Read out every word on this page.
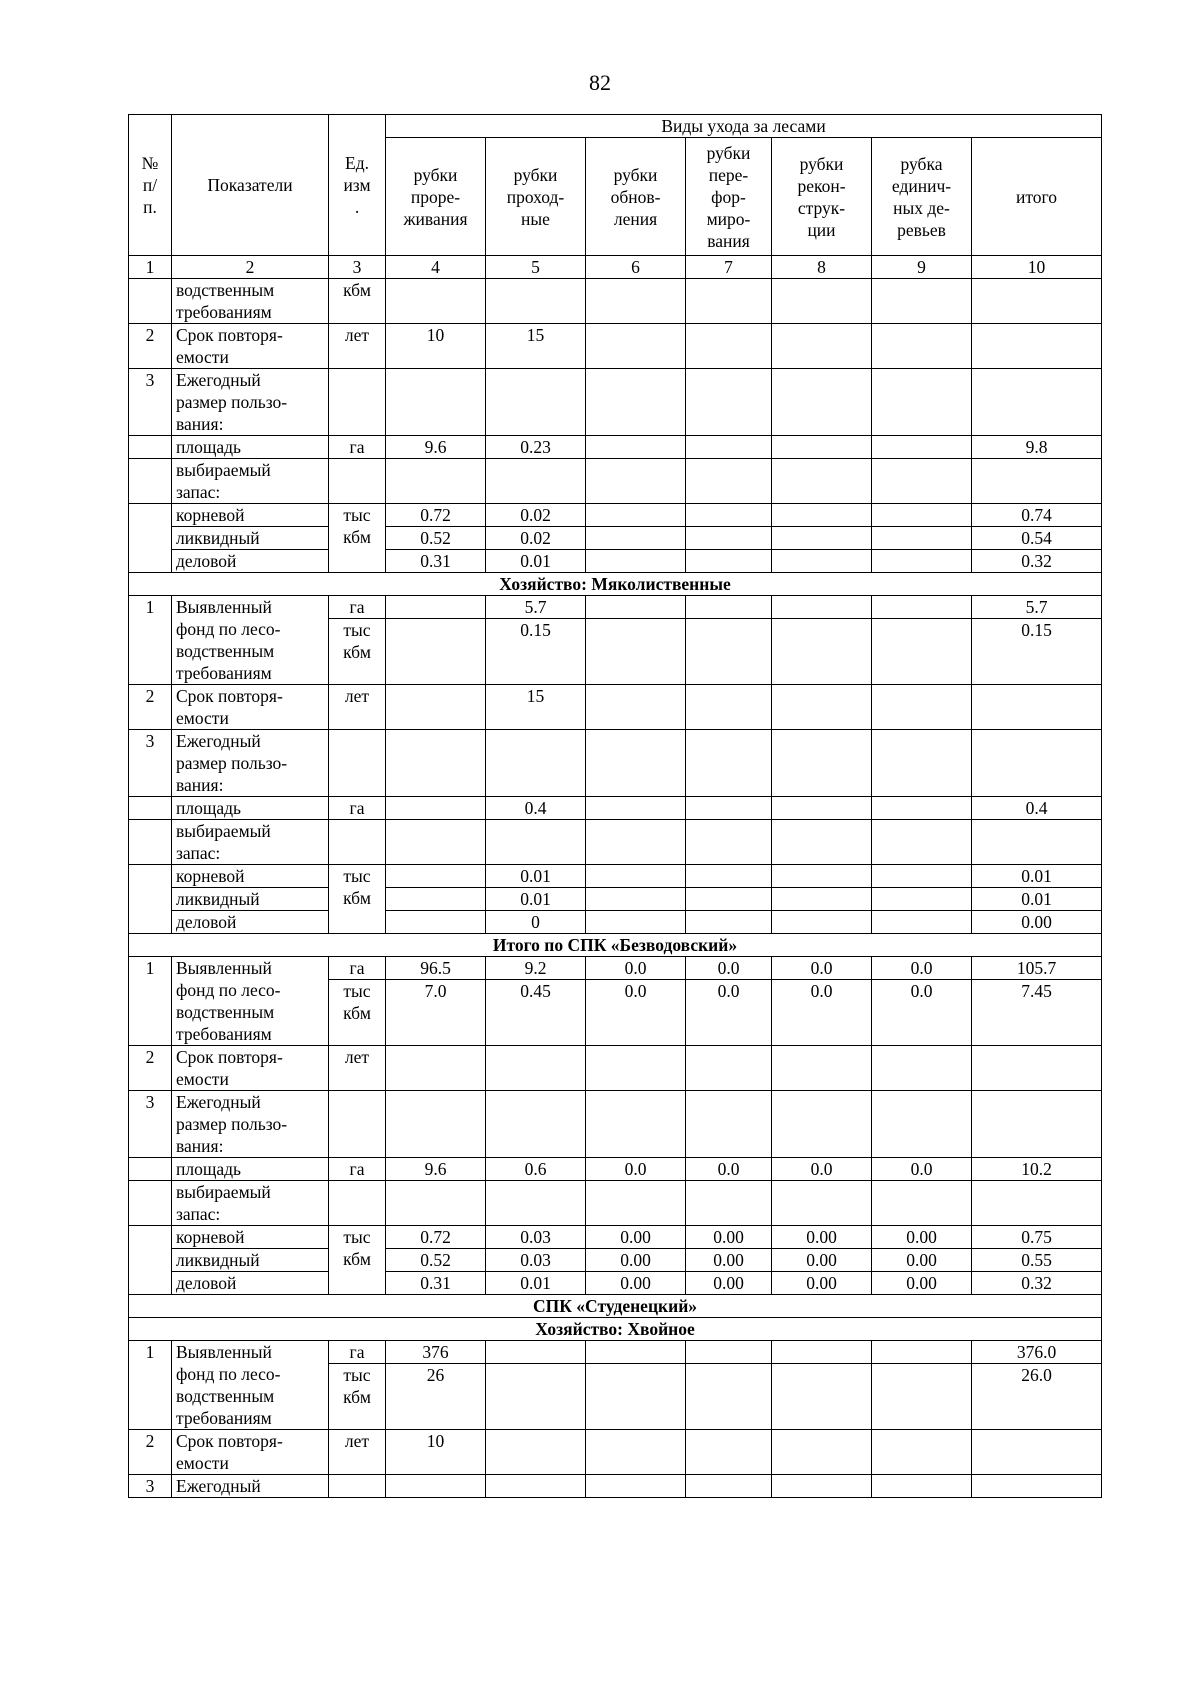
82
№
п/
п.	Показатели	Ед.
изм
.	Виды ухода за лесами						
			рубки
проре-
живания	рубки
проход-
ные	рубки
обнов-
ления	рубки
пере-
фор-
миро-
вания	рубки
рекон-
струк-
ции	рубка
единич-
ных де-
ревьев	итого
1	2	3	4	5	6	7	8	9	10
	водственным
требованиям	кбм							
2	Срок повторя-
емости	лет	10	15					
3	Ежегодный
размер пользо-
вания:								
	площадь	га	9.6	0.23					9.8
	выбираемый
запас:								
	корневой	тыс
кбм	0.72	0.02					0.74
	ликвидный		0.52	0.02					0.54
	деловой		0.31	0.01					0.32
Хозяйство: Мяколиственные									
1	Выявленный
фонд по лесо-
водственным
требованиям	га		5.7					5.7
		тыс
кбм		0.15					0.15
2	Срок повторя-
емости	лет		15					
3	Ежегодный
размер пользо-
вания:								
	площадь	га		0.4					0.4
	выбираемый
запас:								
	корневой	тыс
кбм		0.01					0.01
	ликвидный			0.01					0.01
	деловой			0					0.00
Итого по СПК «Безводовский»									
1	Выявленный
фонд по лесо-
водственным
требованиям	га	96.5	9.2	0.0	0.0	0.0	0.0	105.7
		тыс
кбм	7.0	0.45	0.0	0.0	0.0	0.0	7.45
2	Срок повторя-
емости	лет							
3	Ежегодный
размер пользо-
вания:								
	площадь	га	9.6	0.6	0.0	0.0	0.0	0.0	10.2
	выбираемый
запас:								
	корневой	тыс
кбм	0.72	0.03	0.00	0.00	0.00	0.00	0.75
	ликвидный		0.52	0.03	0.00	0.00	0.00	0.00	0.55
	деловой		0.31	0.01	0.00	0.00	0.00	0.00	0.32
СПК «Студенецкий»									
Хозяйство: Хвойное									
1	Выявленный
фонд по лесо-
водственным
требованиям	га	376						376.0
		тыс
кбм	26						26.0
2	Срок повторя-
емости	лет	10						
3	Ежегодный								
